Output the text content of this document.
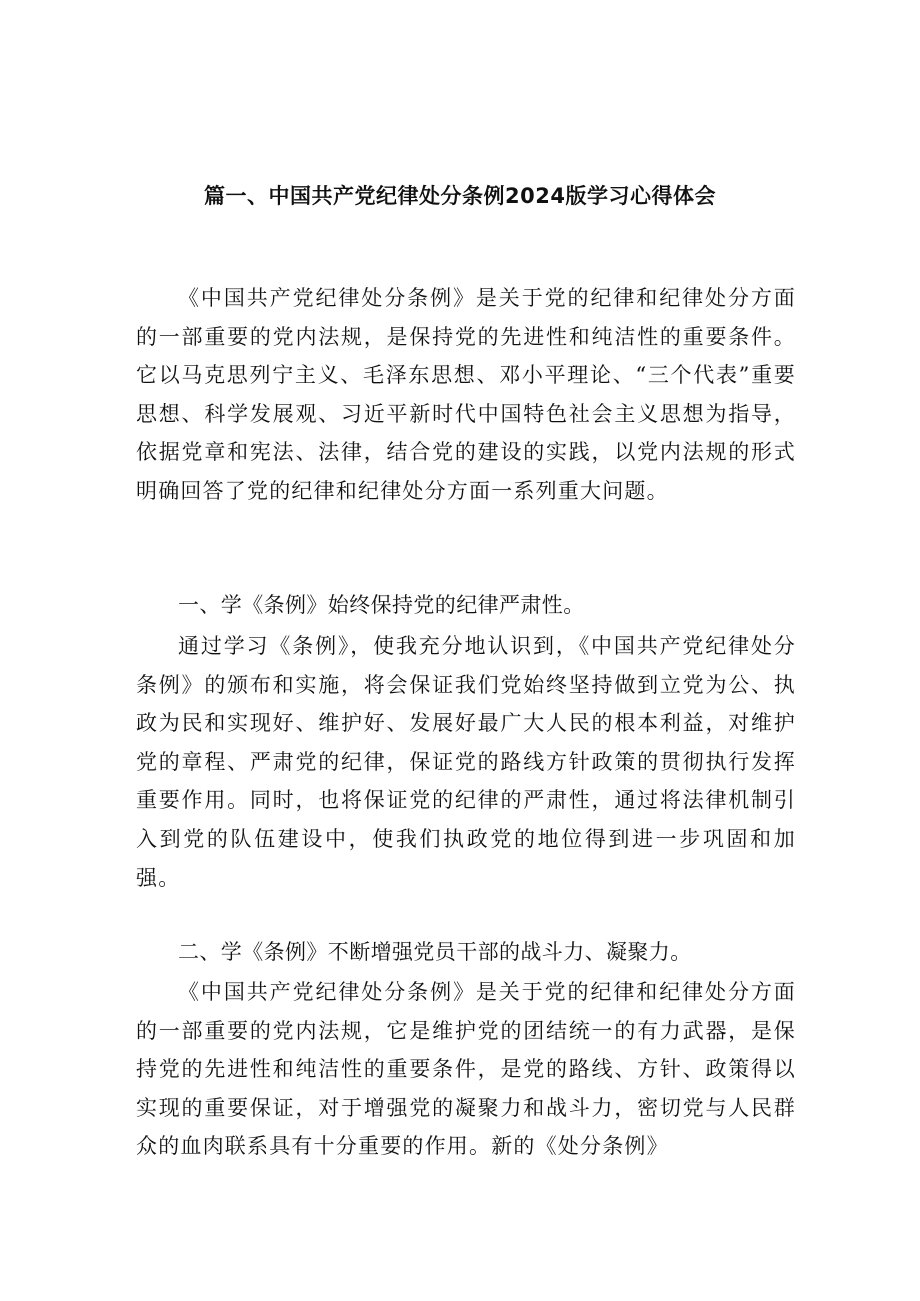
篇一、中国共产党纪律处分条例2024版学习心得体会

《中国共产党纪律处分条例》是关于党的纪律和纪律处分方面的一部重要的党内法规，是保持党的先进性和纯洁性的重要条件。它以马克思列宁主义、毛泽东思想、邓小平理论、“三个代表”重要思想、科学发展观、习近平新时代中国特色社会主义思想为指导，依据党章和宪法、法律，结合党的建设的实践，以党内法规的形式明确回答了党的纪律和纪律处分方面一系列重大问题。

一、学《条例》始终保持党的纪律严肃性。

通过学习《条例》，使我充分地认识到，《中国共产党纪律处分条例》的颁布和实施，将会保证我们党始终坚持做到立党为公、执政为民和实现好、维护好、发展好最广大人民的根本利益，对维护党的章程、严肃党的纪律，保证党的路线方针政策的贯彻执行发挥重要作用。同时，也将保证党的纪律的严肃性，通过将法律机制引入到党的队伍建设中，使我们执政党的地位得到进一步巩固和加强。

二、学《条例》不断增强党员干部的战斗力、凝聚力。

《中国共产党纪律处分条例》是关于党的纪律和纪律处分方面的一部重要的党内法规，它是维护党的团结统一的有力武器，是保持党的先进性和纯洁性的重要条件，是党的路线、方针、政策得以实现的重要保证，对于增强党的凝聚力和战斗力，密切党与人民群众的血肉联系具有十分重要的作用。新的《处分条例》
